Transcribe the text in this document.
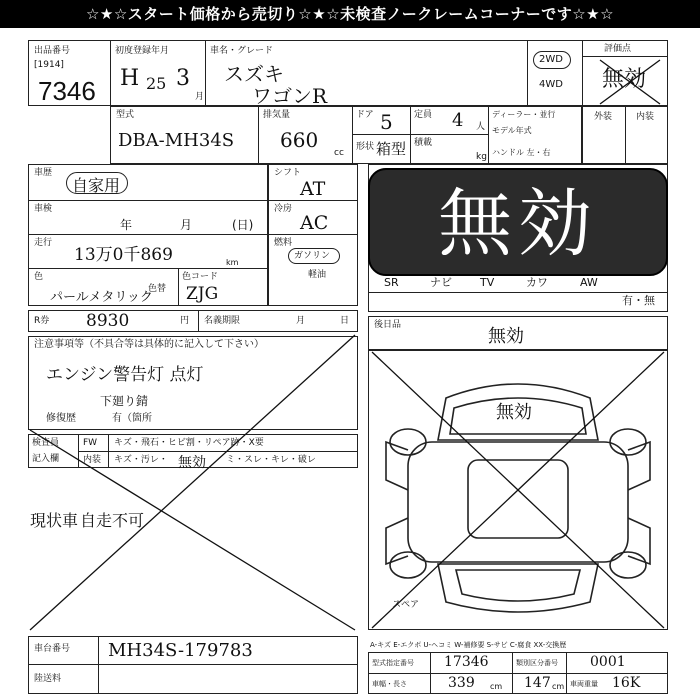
☆★☆スタート価格から売切り☆★☆未検査ノークレームコーナーです☆★☆
出品番号
[1914]
7346
初度登録年月
H 25 3
月
車名・グレード
スズキ
ワゴンR
2WD
4WD
評価点
無効
外装	内装
型式
DBA-MH34S
排気量
660
cc
ドア 5
形状 箱型
定員 4 人
積載
kg
ディーラー・並行
モデル年式
ハンドル 左・右
車歴
自家用
車検
年	月	(日)
走行
13万0千869	km
色
パールメタリック
色替
色コード
ZJG
シフト
AT
冷房
AC
燃料
ガソリン
軽油
R券 8930	円 名義期限	月	日
SR	ナビ	TV	カワ	AW
有・無
無効
後日品
無効
注意事項等（不具合等は具体的に記入して下さい）
エンジン警告灯 点灯
下廻り錆
修復歴	有（箇所
検査員
記入欄
FW キズ・飛石・ヒビ割・リペア跡・X要
内装 キズ・汚レ・ 無効 ミ・スレ・キレ・破レ
現状車 自走不可
無効
スペア
車台番号 MH34S-179783
陸送料
A-キズ E-エクボ U-ヘコミ W-補修要 S-サビ C-腐食 XX-交換歴
型式指定番号 17346	類別区分番号 0001
車幅・長さ	339 cm 147 cm 車両重量 16K
